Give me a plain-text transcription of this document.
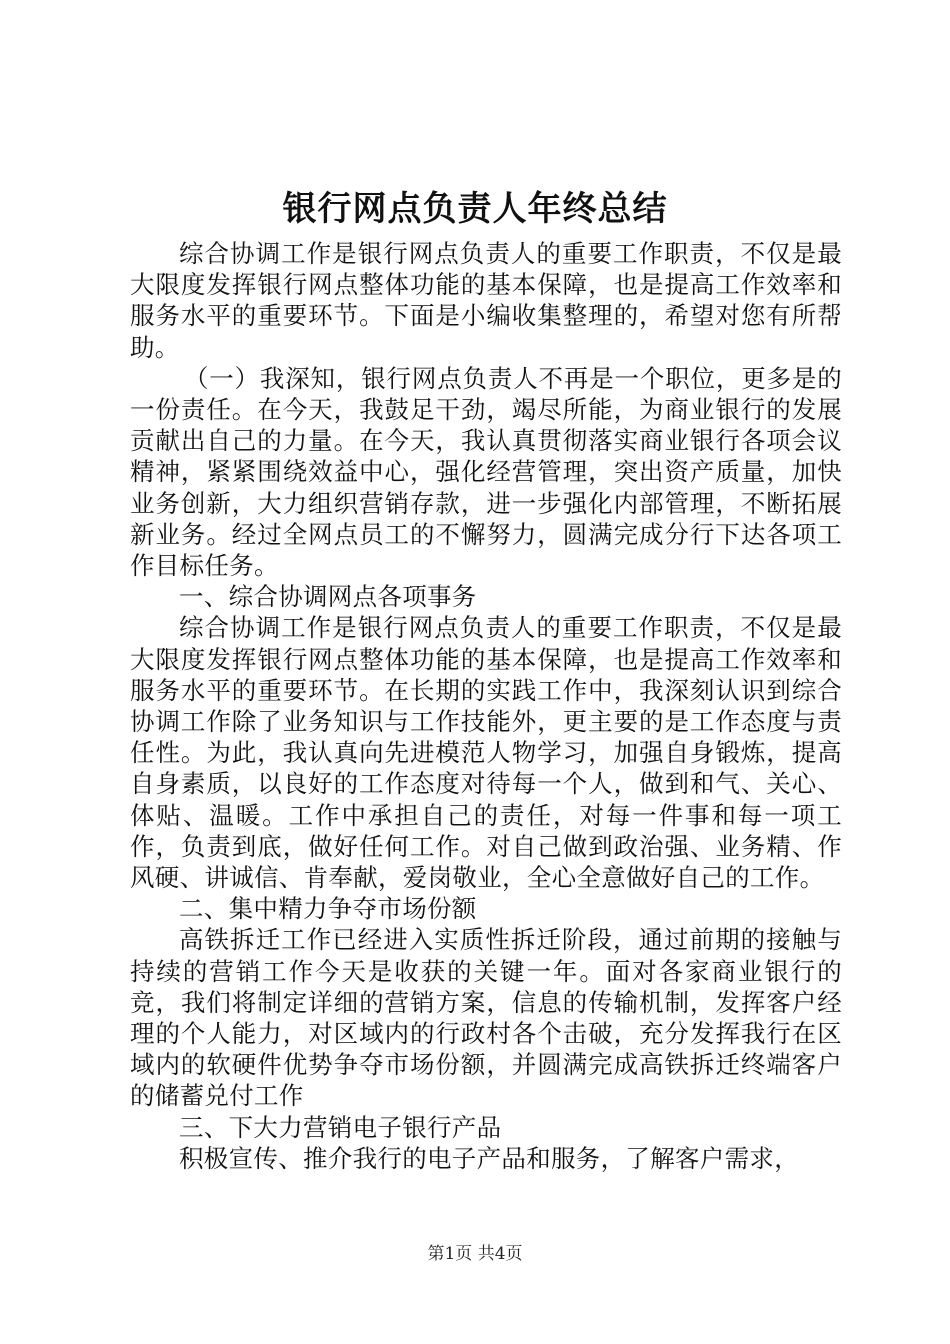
银行网点负责人年终总结

综合协调工作是银行网点负责人的重要工作职责，不仅是最大限度发挥银行网点整体功能的基本保障，也是提高工作效率和服务水平的重要环节。下面是小编收集整理的，希望对您有所帮助。

（一）我深知，银行网点负责人不再是一个职位，更多是的一份责任。在今天，我鼓足干劲，竭尽所能，为商业银行的发展贡献出自己的力量。在今天，我认真贯彻落实商业银行各项会议精神，紧紧围绕效益中心，强化经营管理，突出资产质量，加快业务创新，大力组织营销存款，进一步强化内部管理，不断拓展新业务。经过全网点员工的不懈努力，圆满完成分行下达各项工作目标任务。

一、综合协调网点各项事务

综合协调工作是银行网点负责人的重要工作职责，不仅是最大限度发挥银行网点整体功能的基本保障，也是提高工作效率和服务水平的重要环节。在长期的实践工作中，我深刻认识到综合协调工作除了业务知识与工作技能外，更主要的是工作态度与责任性。为此，我认真向先进模范人物学习，加强自身锻炼，提高自身素质，以良好的工作态度对待每一个人，做到和气、关心、体贴、温暖。工作中承担自己的责任，对每一件事和每一项工作，负责到底，做好任何工作。对自己做到政治强、业务精、作风硬、讲诚信、肯奉献，爱岗敬业，全心全意做好自己的工作。

二、集中精力争夺市场份额

高铁拆迁工作已经进入实质性拆迁阶段，通过前期的接触与持续的营销工作今天是收获的关键一年。面对各家商业银行的竞，我们将制定详细的营销方案，信息的传输机制，发挥客户经理的个人能力，对区域内的行政村各个击破，充分发挥我行在区域内的软硬件优势争夺市场份额，并圆满完成高铁拆迁终端客户的储蓄兑付工作

三、下大力营销电子银行产品

积极宣传、推介我行的电子产品和服务，了解客户需求，

第1页 共4页
